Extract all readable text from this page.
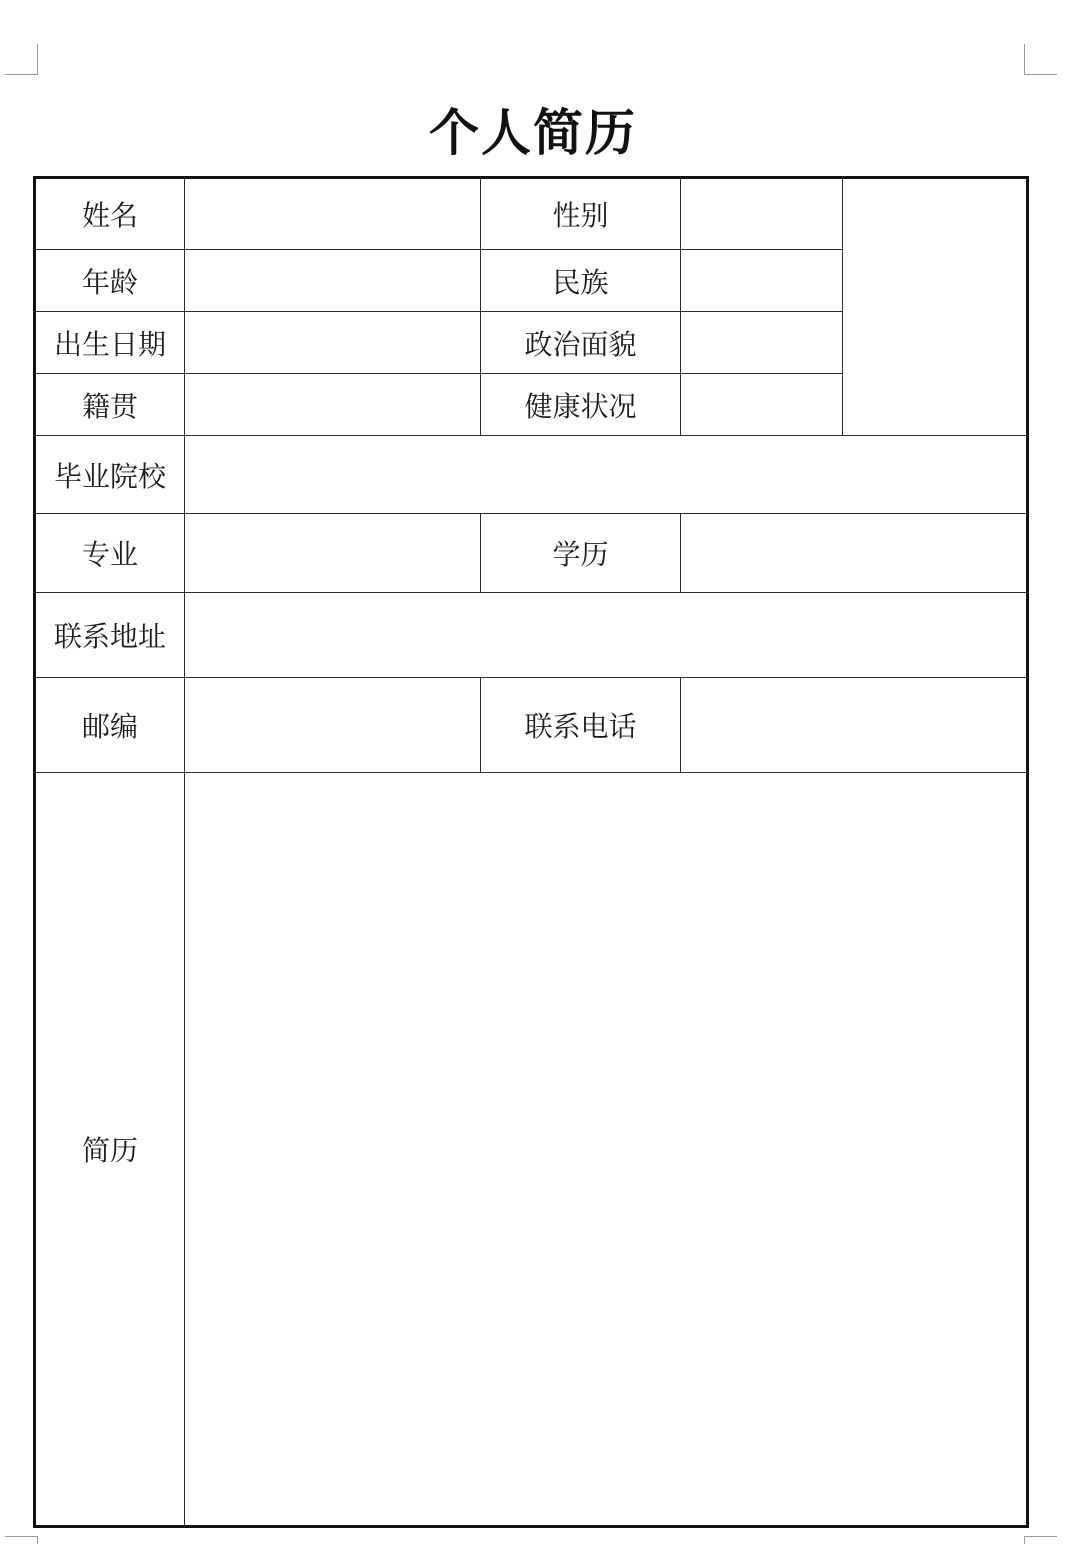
个人简历
姓名		性别		
年龄		民族		
出生日期		政治面貌		
籍贯		健康状况		
毕业院校				
专业		学历		
联系地址				
邮编		联系电话		
简历				
